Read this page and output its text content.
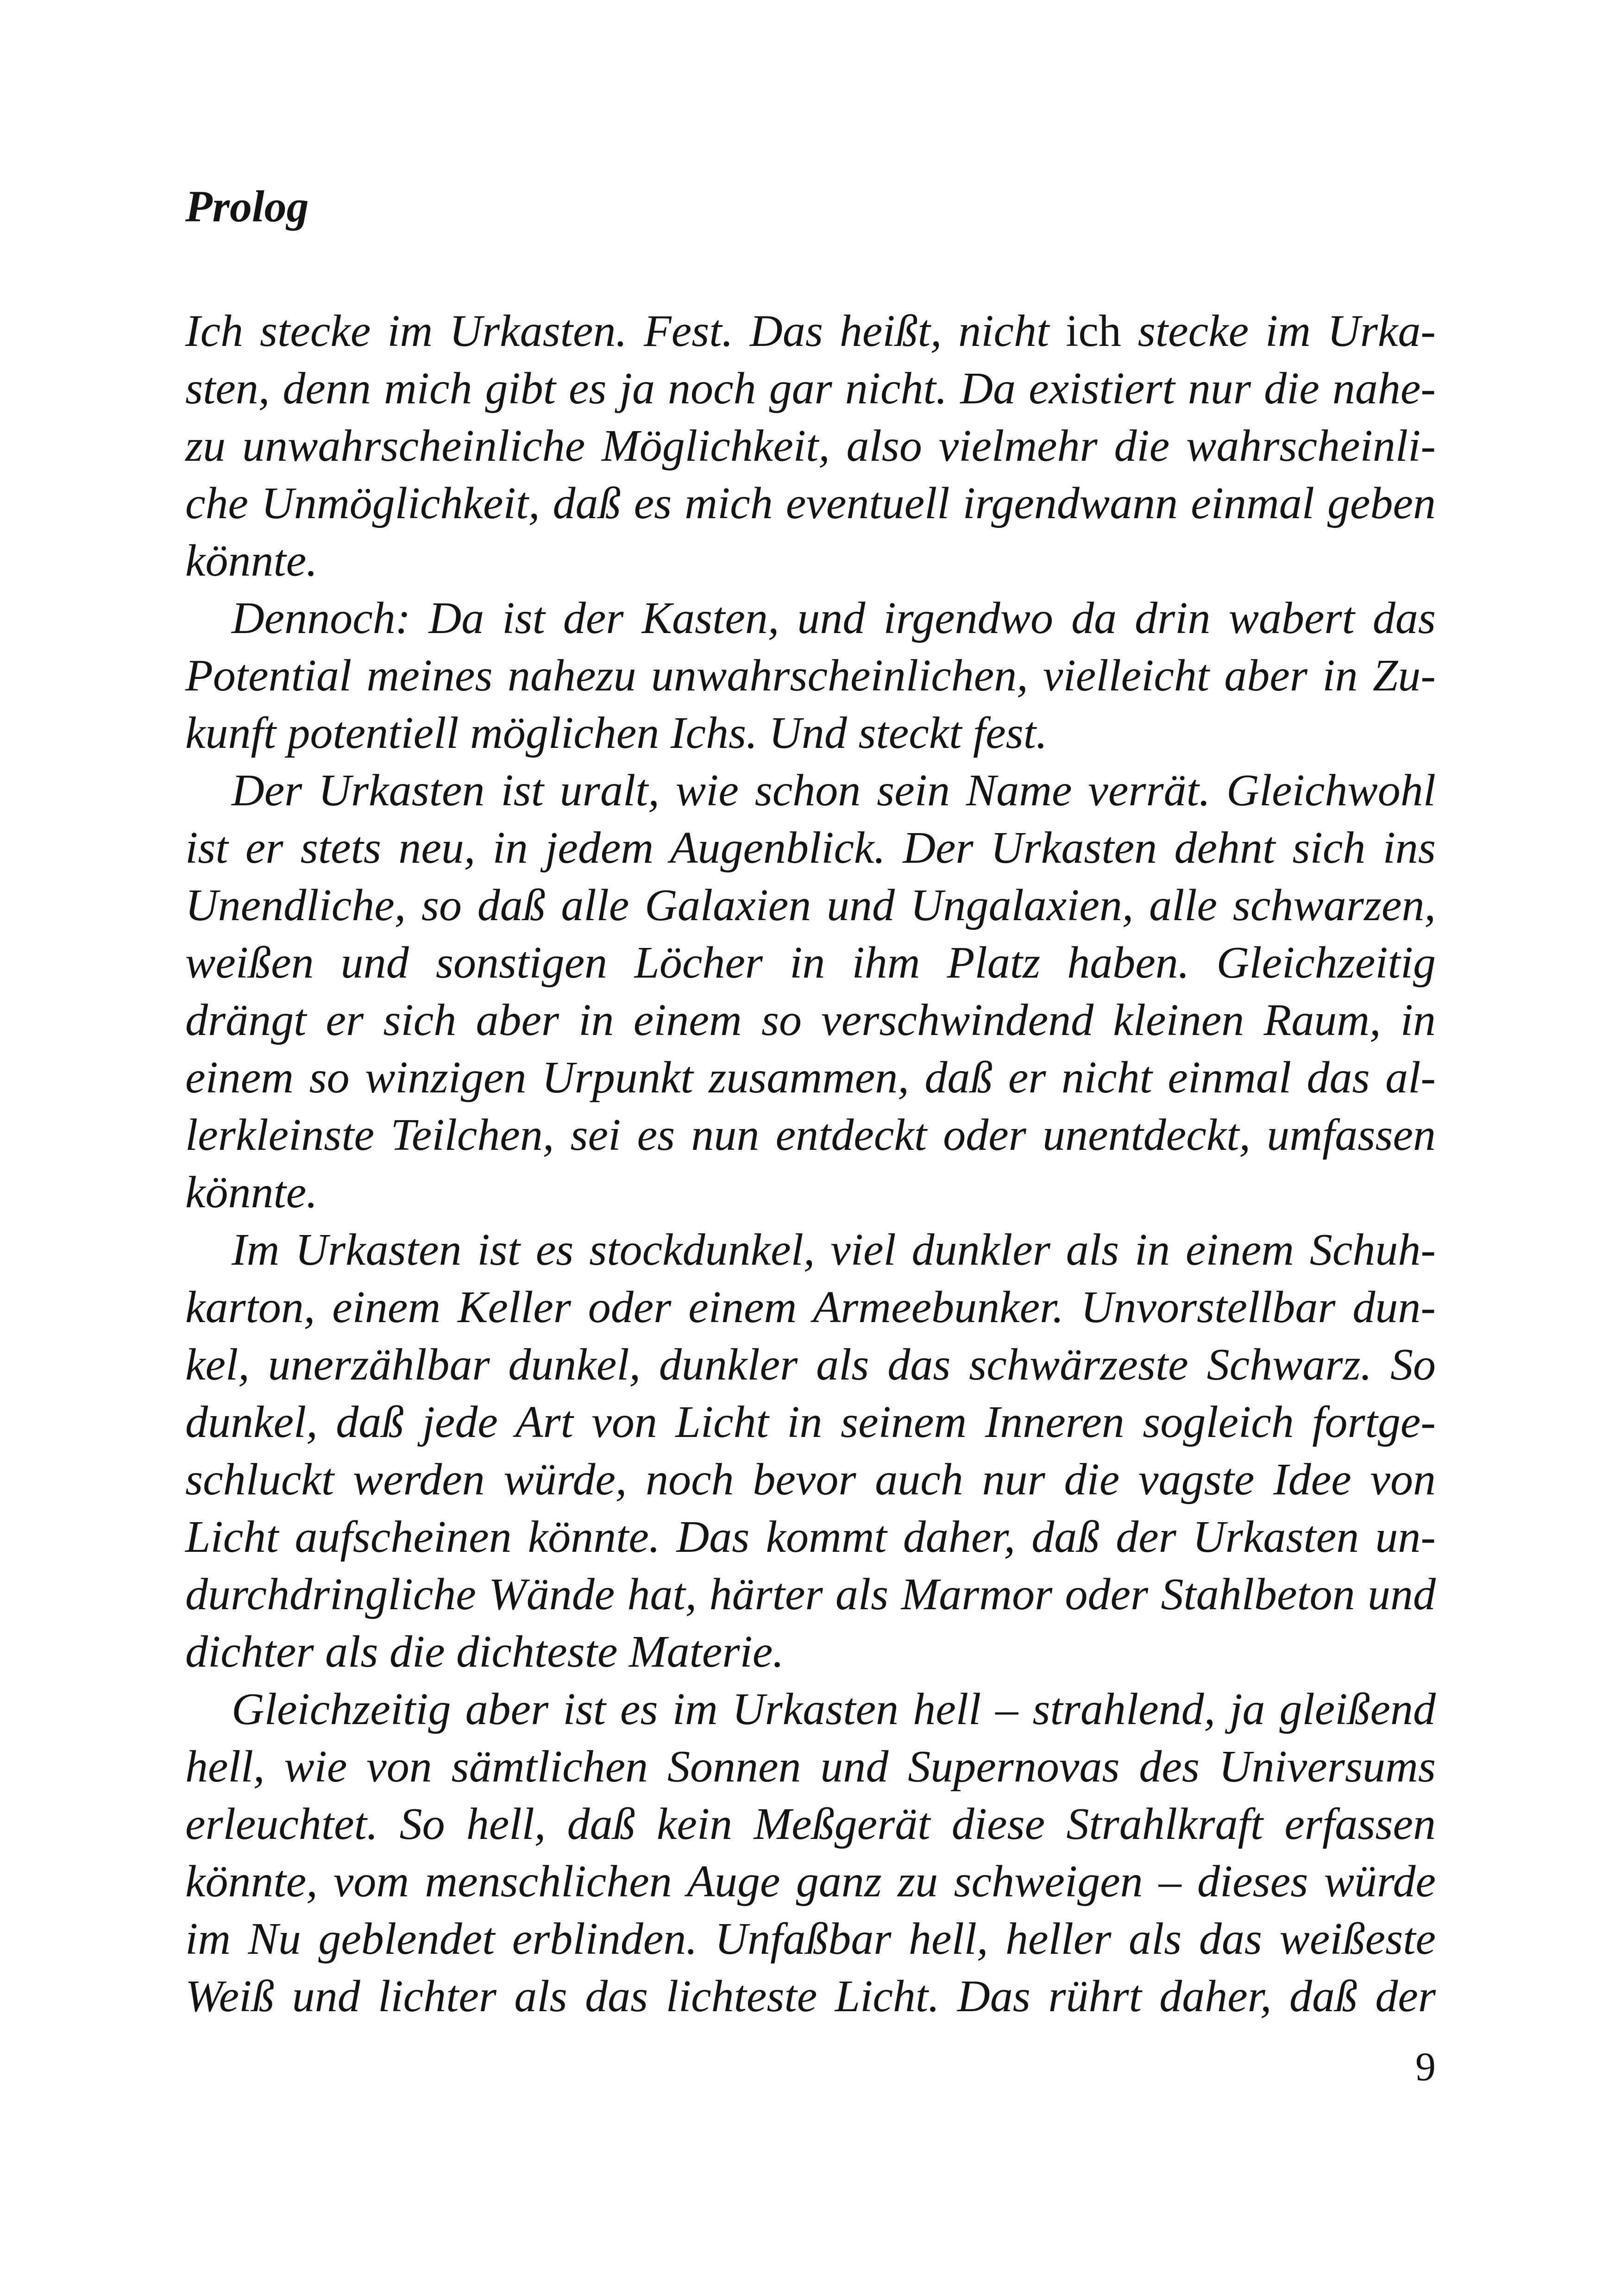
Prolog
Ich stecke im Urkasten. Fest. Das heißt, nicht ich stecke im Urka-
sten, denn mich gibt es ja noch gar nicht. Da existiert nur die nahe-
zu unwahrscheinliche Möglichkeit, also vielmehr die wahrscheinli-
che Unmöglichkeit, daß es mich eventuell irgendwann einmal geben
könnte.
Dennoch: Da ist der Kasten, und irgendwo da drin wabert das
Potential meines nahezu unwahrscheinlichen, vielleicht aber in Zu-
kunft potentiell möglichen Ichs. Und steckt fest.
Der Urkasten ist uralt, wie schon sein Name verrät. Gleichwohl
ist er stets neu, in jedem Augenblick. Der Urkasten dehnt sich ins
Unendliche, so daß alle Galaxien und Ungalaxien, alle schwarzen,
weißen und sonstigen Löcher in ihm Platz haben. Gleichzeitig
drängt er sich aber in einem so verschwindend kleinen Raum, in
einem so winzigen Urpunkt zusammen, daß er nicht einmal das al-
lerkleinste Teilchen, sei es nun entdeckt oder unentdeckt, umfassen
könnte.
Im Urkasten ist es stockdunkel, viel dunkler als in einem Schuh-
karton, einem Keller oder einem Armeebunker. Unvorstellbar dun-
kel, unerzählbar dunkel, dunkler als das schwärzeste Schwarz. So
dunkel, daß jede Art von Licht in seinem Inneren sogleich fortge-
schluckt werden würde, noch bevor auch nur die vagste Idee von
Licht aufscheinen könnte. Das kommt daher, daß der Urkasten un-
durchdringliche Wände hat, härter als Marmor oder Stahlbeton und
dichter als die dichteste Materie.
Gleichzeitig aber ist es im Urkasten hell – strahlend, ja gleißend
hell, wie von sämtlichen Sonnen und Supernovas des Universums
erleuchtet. So hell, daß kein Meßgerät diese Strahlkraft erfassen
könnte, vom menschlichen Auge ganz zu schweigen – dieses würde
im Nu geblendet erblinden. Unfaßbar hell, heller als das weißeste
Weiß und lichter als das lichteste Licht. Das rührt daher, daß der
9
